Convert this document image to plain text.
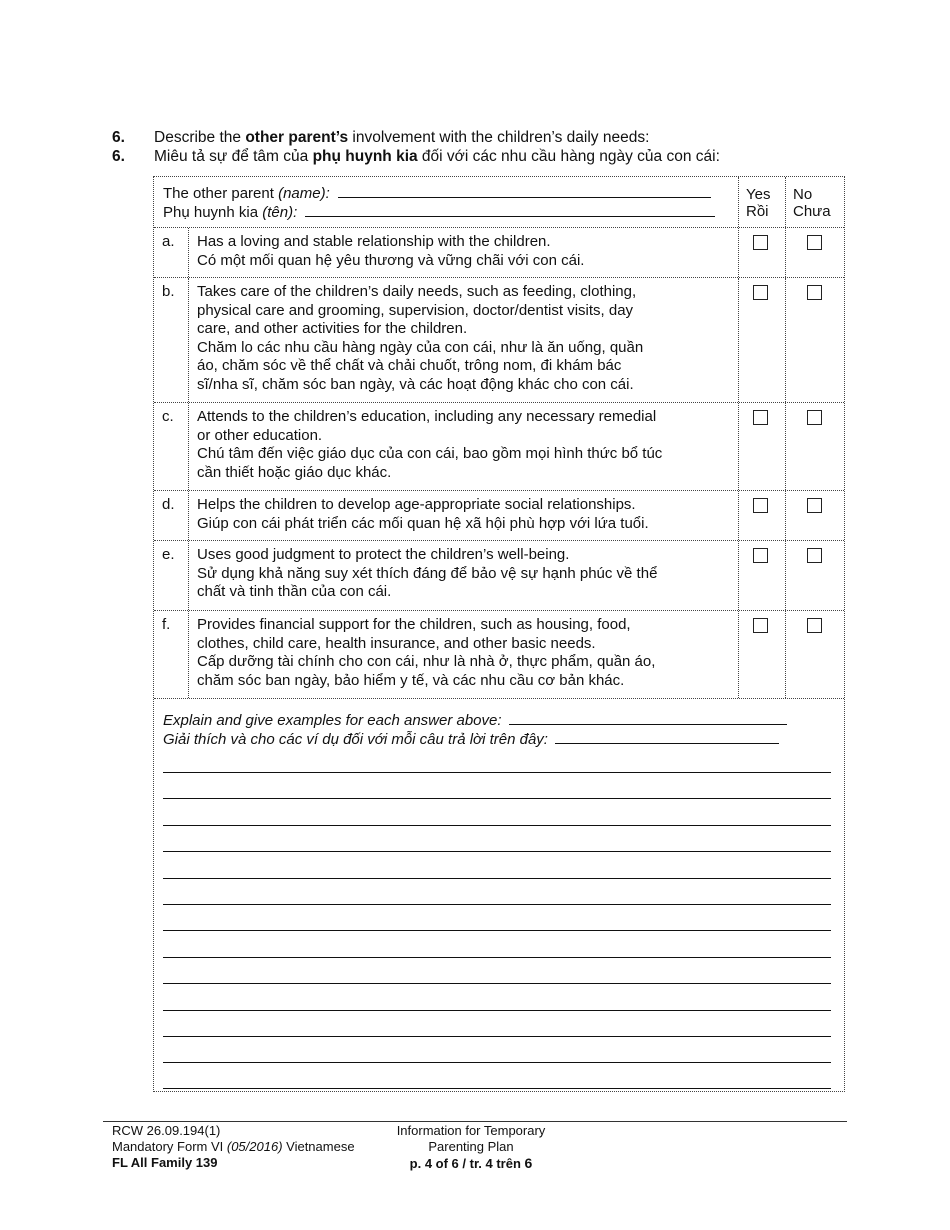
6. Describe the other parent’s involvement with the children’s daily needs:
6. Miêu tả sự để tâm của phụ huynh kia đối với các nhu cầu hàng ngày của con cái:
The other parent (name):
Phụ huynh kia (tên):
Yes
Rồi
No
Chưa
a. Has a loving and stable relationship with the children.
Có một mối quan hệ yêu thương và vững chãi với con cái.
b. Takes care of the children’s daily needs, such as feeding, clothing,
physical care and grooming, supervision, doctor/dentist visits, day
care, and other activities for the children.
Chăm lo các nhu cầu hàng ngày của con cái, như là ăn uống, quần
áo, chăm sóc về thể chất và chải chuốt, trông nom, đi khám bác
sĩ/nha sĩ, chăm sóc ban ngày, và các hoạt động khác cho con cái.
c. Attends to the children’s education, including any necessary remedial
or other education.
Chú tâm đến việc giáo dục của con cái, bao gồm mọi hình thức bổ túc
cần thiết hoặc giáo dục khác.
d. Helps the children to develop age-appropriate social relationships.
Giúp con cái phát triển các mối quan hệ xã hội phù hợp với lứa tuổi.
e. Uses good judgment to protect the children’s well-being.
Sử dụng khả năng suy xét thích đáng để bảo vệ sự hạnh phúc về thể
chất và tinh thần của con cái.
f. Provides financial support for the children, such as housing, food,
clothes, child care, health insurance, and other basic needs.
Cấp dưỡng tài chính cho con cái, như là nhà ở, thực phẩm, quần áo,
chăm sóc ban ngày, bảo hiểm y tế, và các nhu cầu cơ bản khác.
Explain and give examples for each answer above:
Giải thích và cho các ví dụ đối với mỗi câu trả lời trên đây:
RCW 26.09.194(1)
Mandatory Form VI (05/2016) Vietnamese
FL All Family 139
Information for Temporary
Parenting Plan
p. 4 of 6 / tr. 4 trên 6
